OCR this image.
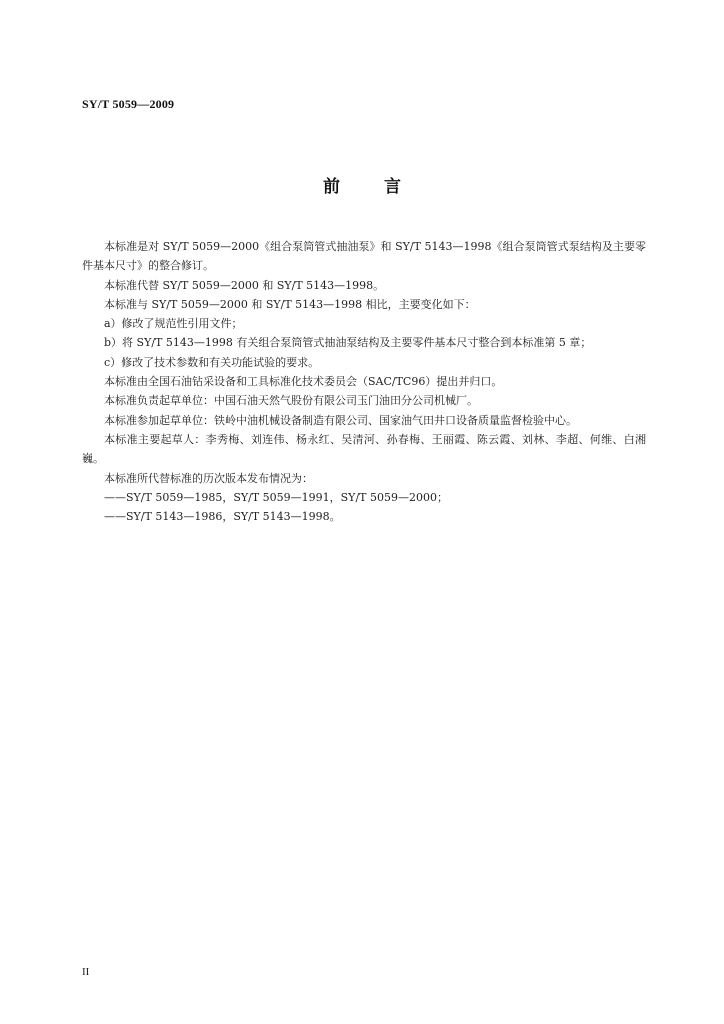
SY/T 5059—2009
前言

本标准是对 SY/T 5059—2000《组合泵筒管式抽油泵》和 SY/T 5143—1998《组合泵筒管式泵结构及主要零件基本尺寸》的整合修订。

本标准代替 SY/T 5059—2000 和 SY/T 5143—1998。

本标准与 SY/T 5059—2000 和 SY/T 5143—1998 相比，主要变化如下：

a）修改了规范性引用文件；

b）将 SY/T 5143—1998 有关组合泵筒管式抽油泵结构及主要零件基本尺寸整合到本标准第 5 章；

c）修改了技术参数和有关功能试验的要求。

本标准由全国石油钻采设备和工具标准化技术委员会（SAC/TC96）提出并归口。

本标准负责起草单位：中国石油天然气股份有限公司玉门油田分公司机械厂。

本标准参加起草单位：铁岭中油机械设备制造有限公司、国家油气田井口设备质量监督检验中心。

本标准主要起草人：李秀梅、刘连伟、杨永红、吴清河、孙春梅、王丽霞、陈云霞、刘林、李超、何维、白湘巍。

本标准所代替标准的历次版本发布情况为：

——SY/T 5059—1985，SY/T 5059—1991，SY/T 5059—2000；

——SY/T 5143—1986，SY/T 5143—1998。

II
